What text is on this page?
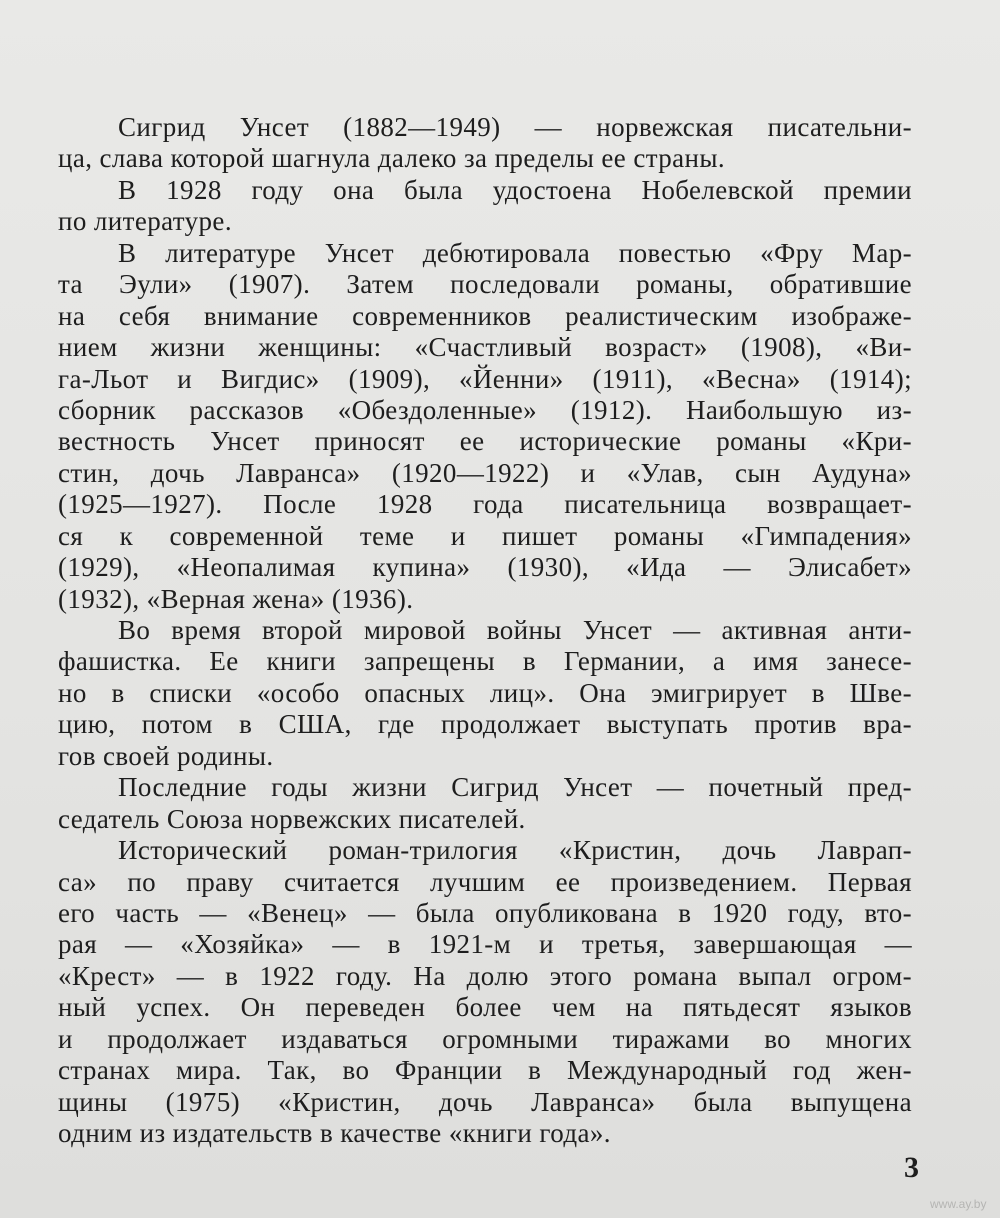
Сигрид Унсет (1882—1949) — норвежская писательни-
ца, слава которой шагнула далеко за пределы ее страны.
В 1928 году она была удостоена Нобелевской премии
по литературе.
В литературе Унсет дебютировала повестью «Фру Мар-
та Эули» (1907). Затем последовали романы, обратившие
на себя внимание современников реалистическим изображе-
нием жизни женщины: «Счастливый возраст» (1908), «Ви-
га-Льот и Вигдис» (1909), «Йенни» (1911), «Весна» (1914);
сборник рассказов «Обездоленные» (1912). Наибольшую из-
вестность Унсет приносят ее исторические романы «Кри-
стин, дочь Лавранса» (1920—1922) и «Улав, сын Аудуна»
(1925—1927). После 1928 года писательница возвращает-
ся к современной теме и пишет романы «Гимпадения»
(1929), «Неопалимая купина» (1930), «Ида — Элисабет»
(1932), «Верная жена» (1936).
Во время второй мировой войны Унсет — активная анти-
фашистка. Ее книги запрещены в Германии, а имя занесе-
но в списки «особо опасных лиц». Она эмигрирует в Шве-
цию, потом в США, где продолжает выступать против вра-
гов своей родины.
Последние годы жизни Сигрид Унсет — почетный пред-
седатель Союза норвежских писателей.
Исторический роман-трилогия «Кристин, дочь Лаврап-
са» по праву считается лучшим ее произведением. Первая
его часть — «Венец» — была опубликована в 1920 году, вто-
рая — «Хозяйка» — в 1921-м и третья, завершающая —
«Крест» — в 1922 году. На долю этого романа выпал огром-
ный успех. Он переведен более чем на пятьдесят языков
и продолжает издаваться огромными тиражами во многих
странах мира. Так, во Франции в Международный год жен-
щины (1975) «Кристин, дочь Лавранса» была выпущена
одним из издательств в качестве «книги года».
3
www.ay.by
